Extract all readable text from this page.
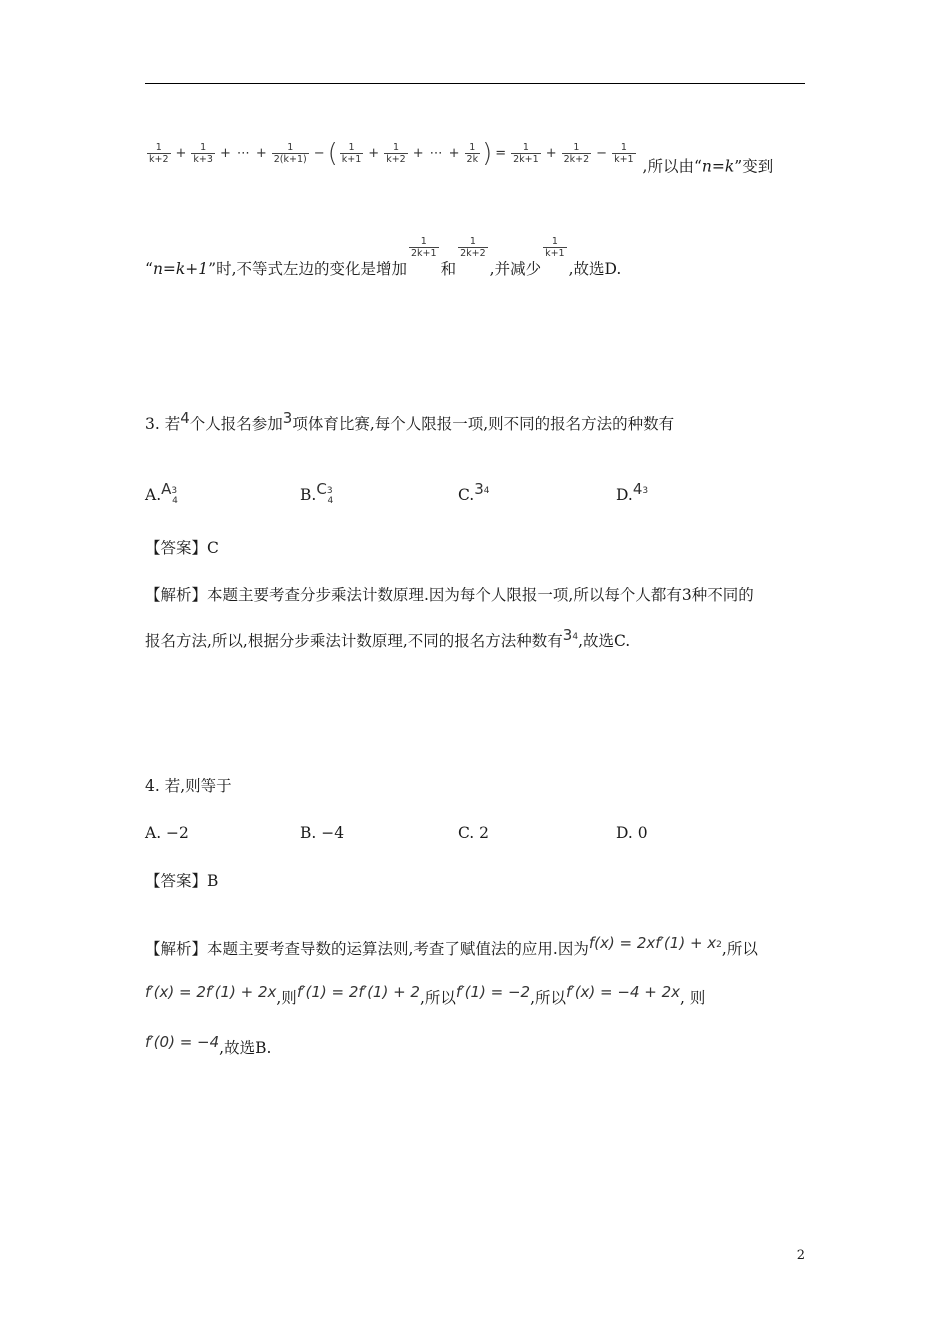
$\frac{1}{k+2} + \frac{1}{k+3}$ + ⋯ + $\frac{1}{2(k+1)}$ − ( $\frac{1}{k+1} + \frac{1}{k+2}$ + ⋯ + $\frac{1}{2k}$ ) = $\frac{1}{2k+1} + \frac{1}{2k+2} - \frac{1}{k+1}$
,所以由“n=k”变到
“n=k+1”时,不等式左边的变化是增加
$\frac{1}{2k+1}$
和
$\frac{1}{2k+2}$
,并减少
$\frac{1}{k+1}$
,故选D.
3. 若4个人报名参加3项体育比赛,每个人限报一项,则不同的报名方法的种数有
$A.A^3_4$	$B.C^3_4$	$C.3^4$	$D.4^3$
【答案】C
【解析】本题主要考查分步乘法计数原理.因为每个人限报一项,所以每个人都有3种不同的
报名方法,所以,根据分步乘法计数原理,不同的报名方法种数有$3^4$,故选C.
4. 若,则等于
A. −2	B. −4	C. 2	D. 0
【答案】B
【解析】本题主要考查导数的运算法则,考查了赋值法的应用.因为$f(x) = 2xf'(1) + x^2$,所以
f′(x) = 2f′(1) + 2x,则f′(1) = 2f′(1) + 2,所以f′(1) = −2,所以f′(x) = −4 + 2x, 则
f′(0) = −4,故选B.
2
